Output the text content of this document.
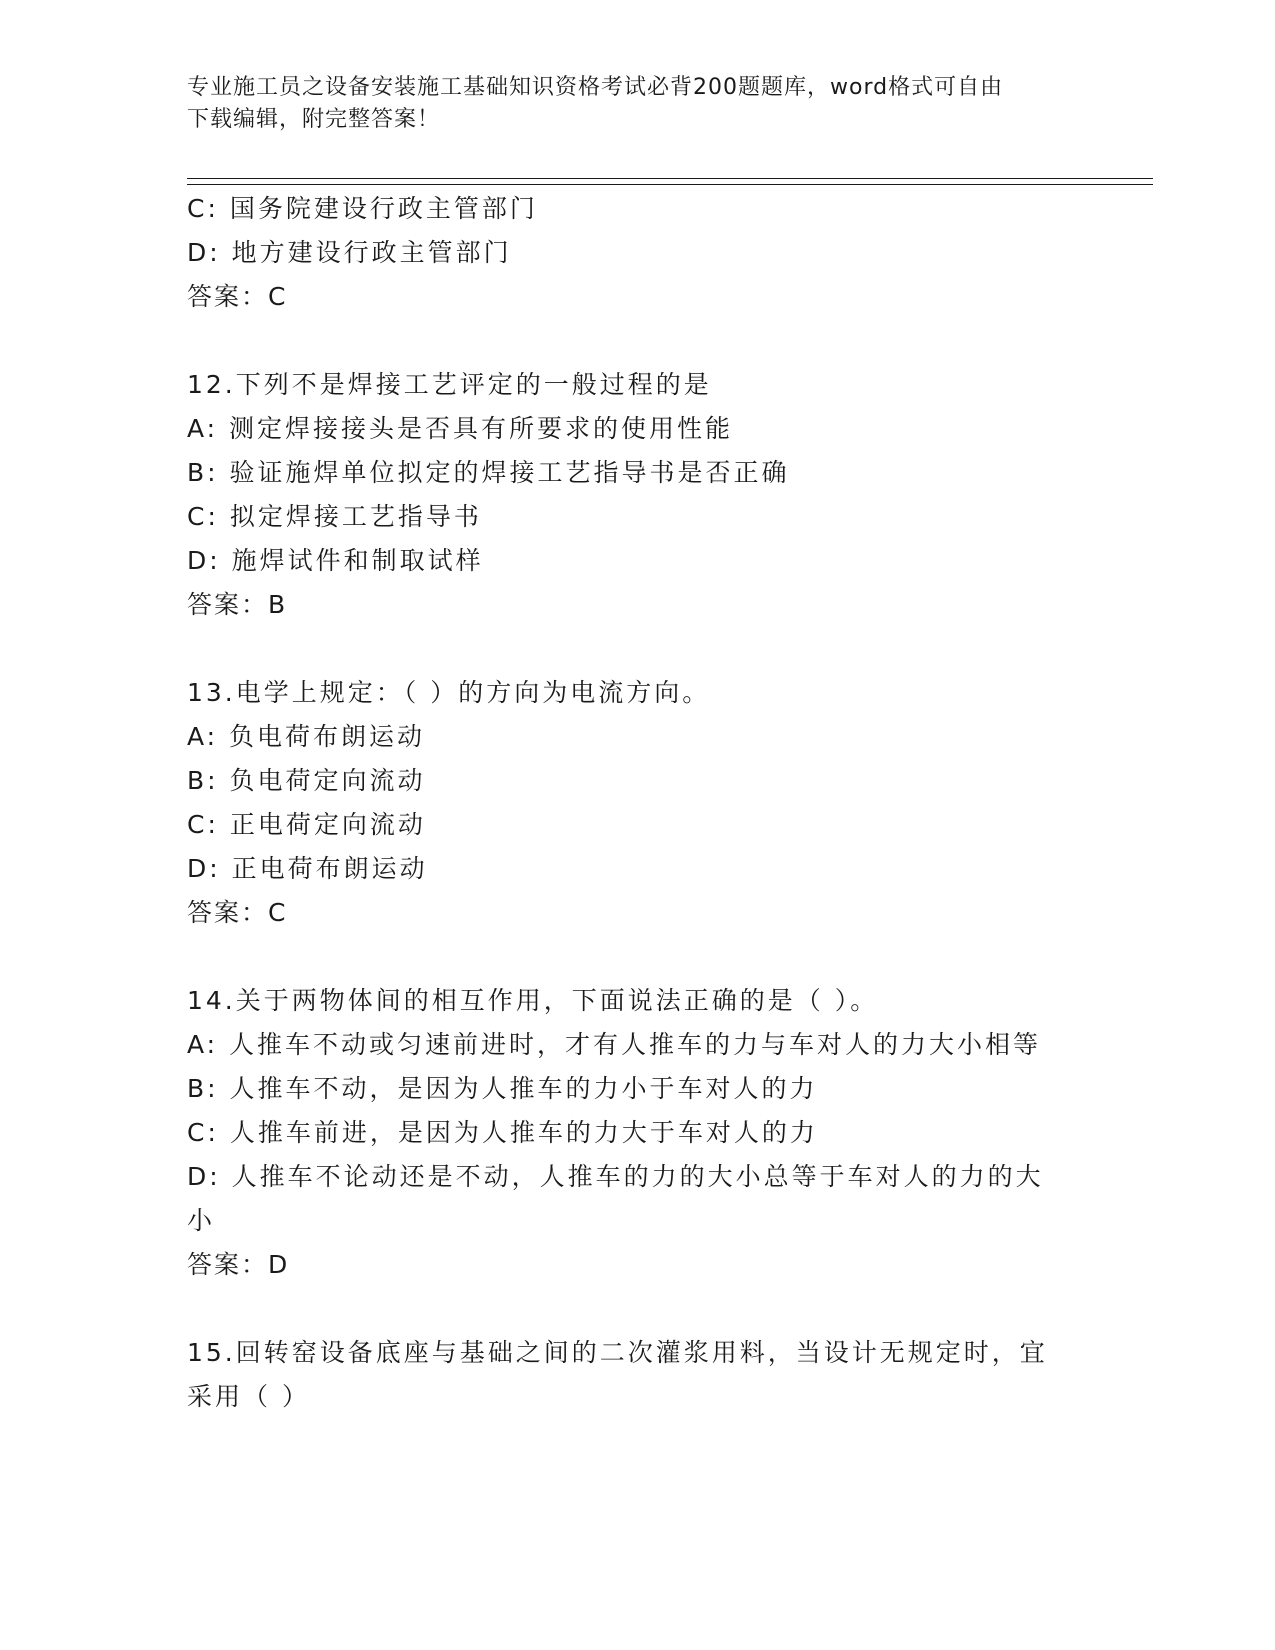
专业施工员之设备安装施工基础知识资格考试必背200题题库，word格式可自由
下载编辑，附完整答案！
C: 国务院建设行政主管部门
D: 地方建设行政主管部门
答案：C
12.下列不是焊接工艺评定的一般过程的是
A: 测定焊接接头是否具有所要求的使用性能
B: 验证施焊单位拟定的焊接工艺指导书是否正确
C: 拟定焊接工艺指导书
D: 施焊试件和制取试样
答案：B
13.电学上规定：（ ）的方向为电流方向。
A: 负电荷布朗运动
B: 负电荷定向流动
C: 正电荷定向流动
D: 正电荷布朗运动
答案：C
14.关于两物体间的相互作用，下面说法正确的是（ ）。
A: 人推车不动或匀速前进时，才有人推车的力与车对人的力大小相等
B: 人推车不动，是因为人推车的力小于车对人的力
C: 人推车前进，是因为人推车的力大于车对人的力
D: 人推车不论动还是不动，人推车的力的大小总等于车对人的力的大
小
答案：D
15.回转窑设备底座与基础之间的二次灌浆用料，当设计无规定时，宜
采用（ ）
